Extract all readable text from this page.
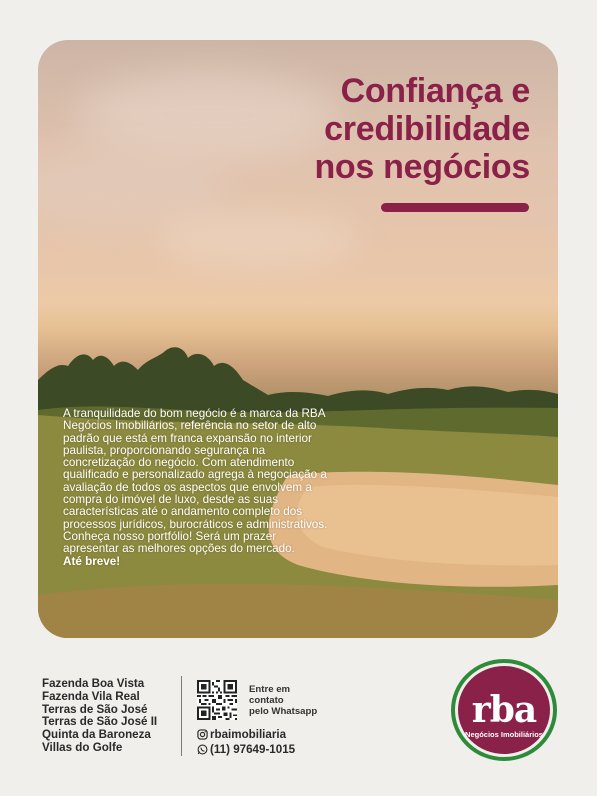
Confiança e
credibilidade
nos negócios
A tranquilidade do bom negócio é a marca da RBA Negócios Imobiliários, referência no setor de alto padrão que está em franca expansão no interior paulista, proporcionando segurança na concretização do negócio. Com atendimento qualificado e personalizado agrega à negociação a avaliação de todos os aspectos que envolvem a compra do imóvel de luxo, desde as suas características até o andamento completo dos processos jurídicos, burocráticos e administrativos. Conheça nosso portfólio! Será um prazer apresentar as melhores opções do mercado.
Até breve!
Fazenda Boa Vista
Fazenda Vila Real
Terras de São José
Terras de São José II
Quinta da Baroneza
Villas do Golfe
Entre em
contato
pelo Whatsapp
rbaimobiliaria
(11) 97649-1015
rba
Negócios Imobiliários
